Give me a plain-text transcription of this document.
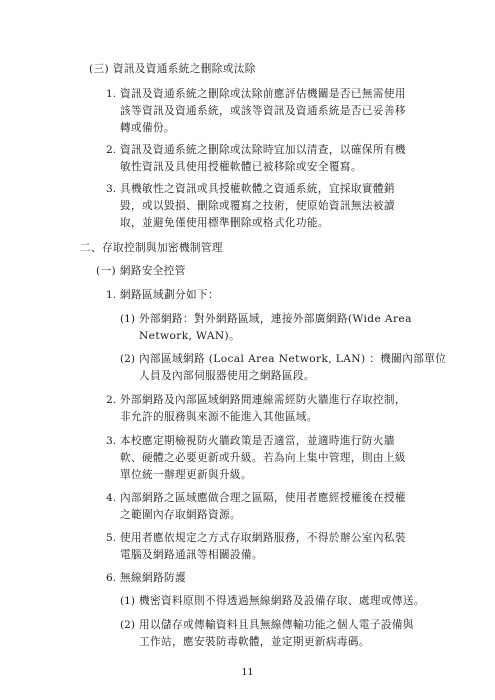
(三) 資訊及資通系統之刪除或汰除
1. 資訊及資通系統之刪除或汰除前應評估機關是否已無需使用
該等資訊及資通系統，或該等資訊及資通系統是否已妥善移
轉或備份。
2. 資訊及資通系統之刪除或汰除時宜加以清查，以確保所有機
敏性資訊及具使用授權軟體已被移除或安全覆寫。
3. 具機敏性之資訊或具授權軟體之資通系統，宜採取實體銷
毀，或以毀損、刪除或覆寫之技術，使原始資訊無法被讀
取，並避免僅使用標準刪除或格式化功能。
二、存取控制與加密機制管理
(一) 網路安全控管
1. 網路區域劃分如下：
(1) 外部網路：對外網路區域，連接外部廣網路(Wide Area
Network, WAN)。
(2) 內部區域網路 (Local Area Network, LAN) ：機關內部單位
人員及內部伺服器使用之網路區段。
2. 外部網路及內部區域網路間連線需經防火牆進行存取控制，
非允許的服務與來源不能進入其他區域。
3. 本校應定期檢視防火牆政策是否適當，並適時進行防火牆
軟、硬體之必要更新或升級。若為向上集中管理，則由上級
單位統一辦理更新與升級。
4. 內部網路之區域應做合理之區隔，使用者應經授權後在授權
之範圍內存取網路資源。
5. 使用者應依規定之方式存取網路服務，不得於辦公室內私裝
電腦及網路通訊等相關設備。
6. 無線網路防護
(1) 機密資料原則不得透過無線網路及設備存取、處理或傳送。
(2) 用以儲存或傳輸資料且具無線傳輸功能之個人電子設備與
工作站，應安裝防毒軟體，並定期更新病毒碼。
11
